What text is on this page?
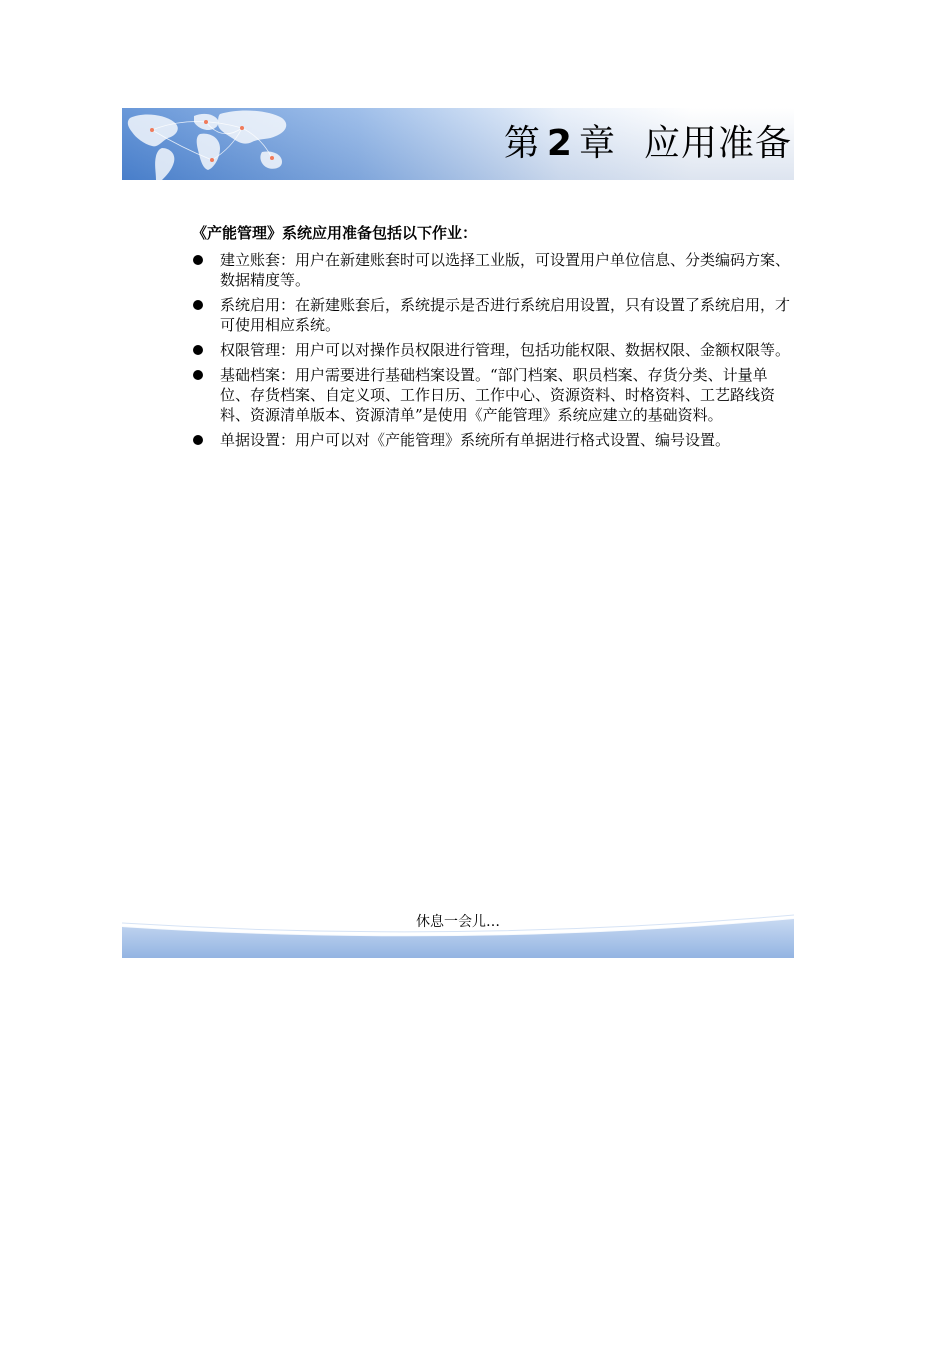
第 2 章 应用准备

《产能管理》系统应用准备包括以下作业：

建立账套：用户在新建账套时可以选择工业版，可设置用户单位信息、分类编码方案、数据精度等。
系统启用：在新建账套后，系统提示是否进行系统启用设置，只有设置了系统启用，才可使用相应系统。
权限管理：用户可以对操作员权限进行管理，包括功能权限、数据权限、金额权限等。
基础档案：用户需要进行基础档案设置。“部门档案、职员档案、存货分类、计量单位、存货档案、自定义项、工作日历、工作中心、资源资料、时格资料、工艺路线资料、资源清单版本、资源清单”是使用《产能管理》系统应建立的基础资料。
单据设置：用户可以对《产能管理》系统所有单据进行格式设置、编号设置。
休息一会儿…
